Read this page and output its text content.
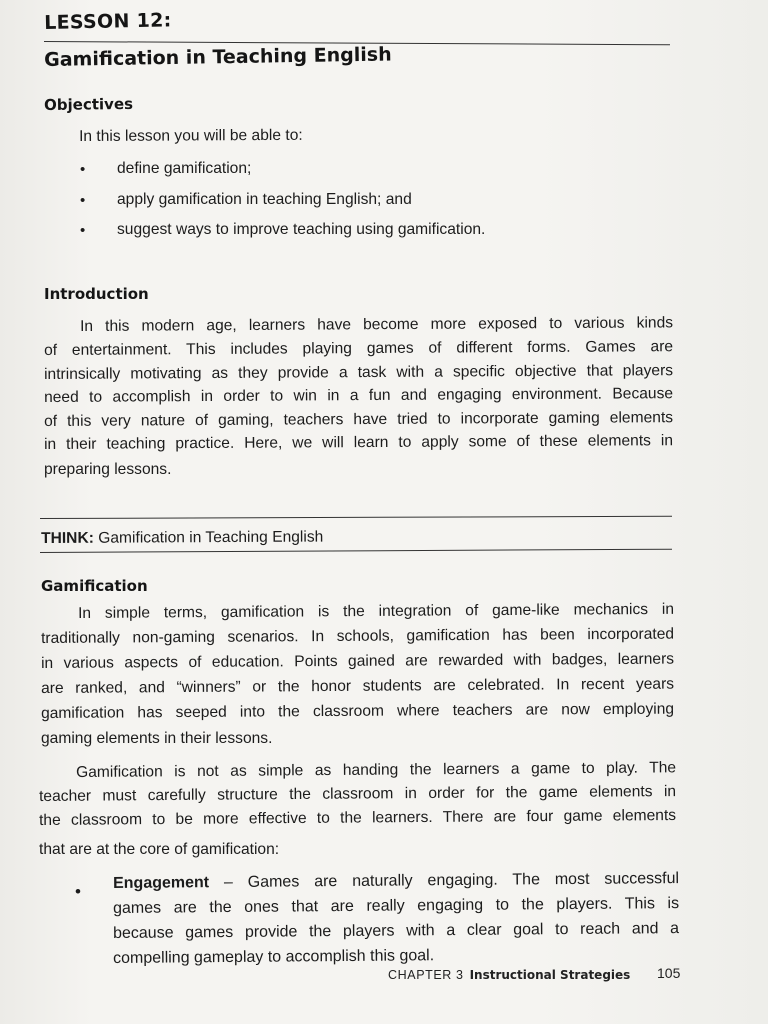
LESSON 12:
Gamification in Teaching English
Objectives
In this lesson you will be able to:
• define gamification;
• apply gamification in teaching English; and
• suggest ways to improve teaching using gamification.
Introduction
In this modern age, learners have become more exposed to various kinds
of entertainment. This includes playing games of different forms. Games are
intrinsically motivating as they provide a task with a specific objective that players
need to accomplish in order to win in a fun and engaging environment. Because
of this very nature of gaming, teachers have tried to incorporate gaming elements
in their teaching practice. Here, we will learn to apply some of these elements in
preparing lessons.
THINK: Gamification in Teaching English
Gamification
In simple terms, gamification is the integration of game-like mechanics in
traditionally non-gaming scenarios. In schools, gamification has been incorporated
in various aspects of education. Points gained are rewarded with badges, learners
are ranked, and “winners” or the honor students are celebrated. In recent years
gamification has seeped into the classroom where teachers are now employing
gaming elements in their lessons.
Gamification is not as simple as handing the learners a game to play. The
teacher must carefully structure the classroom in order for the game elements in
the classroom to be more effective to the learners. There are four game elements
that are at the core of gamification:
• Engagement – Games are naturally engaging. The most successful
games are the ones that are really engaging to the players. This is
because games provide the players with a clear goal to reach and a
compelling gameplay to accomplish this goal.
CHAPTER 3 Instructional Strategies 105
